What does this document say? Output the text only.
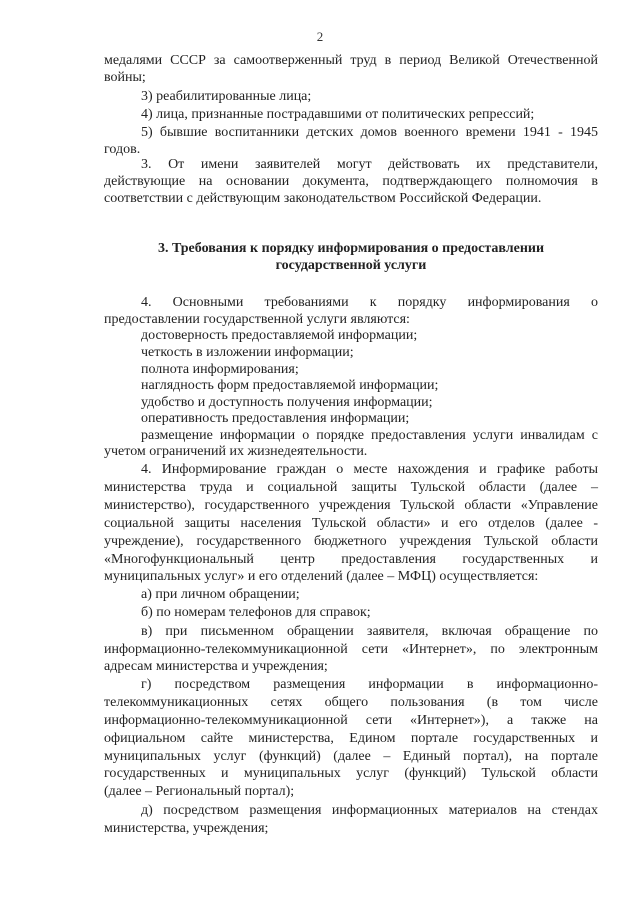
2
медалями СССР за самоотверженный труд в период Великой Отечественной
войны;
3) реабилитированные лица;
4) лица, признанные пострадавшими от политических репрессий;
5) бывшие воспитанники детских домов военного времени 1941 - 1945
годов.
3. От имени заявителей могут действовать их представители,
действующие на основании документа, подтверждающего полномочия в
соответствии с действующим законодательством Российской Федерации.
3. Требования к порядку информирования о предоставлении
государственной услуги
4. Основными требованиями к порядку информирования о
предоставлении государственной услуги являются:
достоверность предоставляемой информации;
четкость в изложении информации;
полнота информирования;
наглядность форм предоставляемой информации;
удобство и доступность получения информации;
оперативность предоставления информации;
размещение информации о порядке предоставления услуги инвалидам с
учетом ограничений их жизнедеятельности.
4. Информирование граждан о месте нахождения и графике работы
министерства труда и социальной защиты Тульской области (далее –
министерство), государственного учреждения Тульской области «Управление
социальной защиты населения Тульской области» и его отделов (далее -
учреждение), государственного бюджетного учреждения Тульской области
«Многофункциональный центр предоставления государственных и
муниципальных услуг» и его отделений (далее – МФЦ) осуществляется:
а) при личном обращении;
б) по номерам телефонов для справок;
в) при письменном обращении заявителя, включая обращение по
информационно-телекоммуникационной сети «Интернет», по электронным
адресам министерства и учреждения;
г) посредством размещения информации в информационно-
телекоммуникационных сетях общего пользования (в том числе
информационно-телекоммуникационной сети «Интернет»), а также на
официальном сайте министерства, Едином портале государственных и
муниципальных услуг (функций) (далее – Единый портал), на портале
государственных и муниципальных услуг (функций) Тульской области
(далее – Региональный портал);
д) посредством размещения информационных материалов на стендах
министерства, учреждения;
